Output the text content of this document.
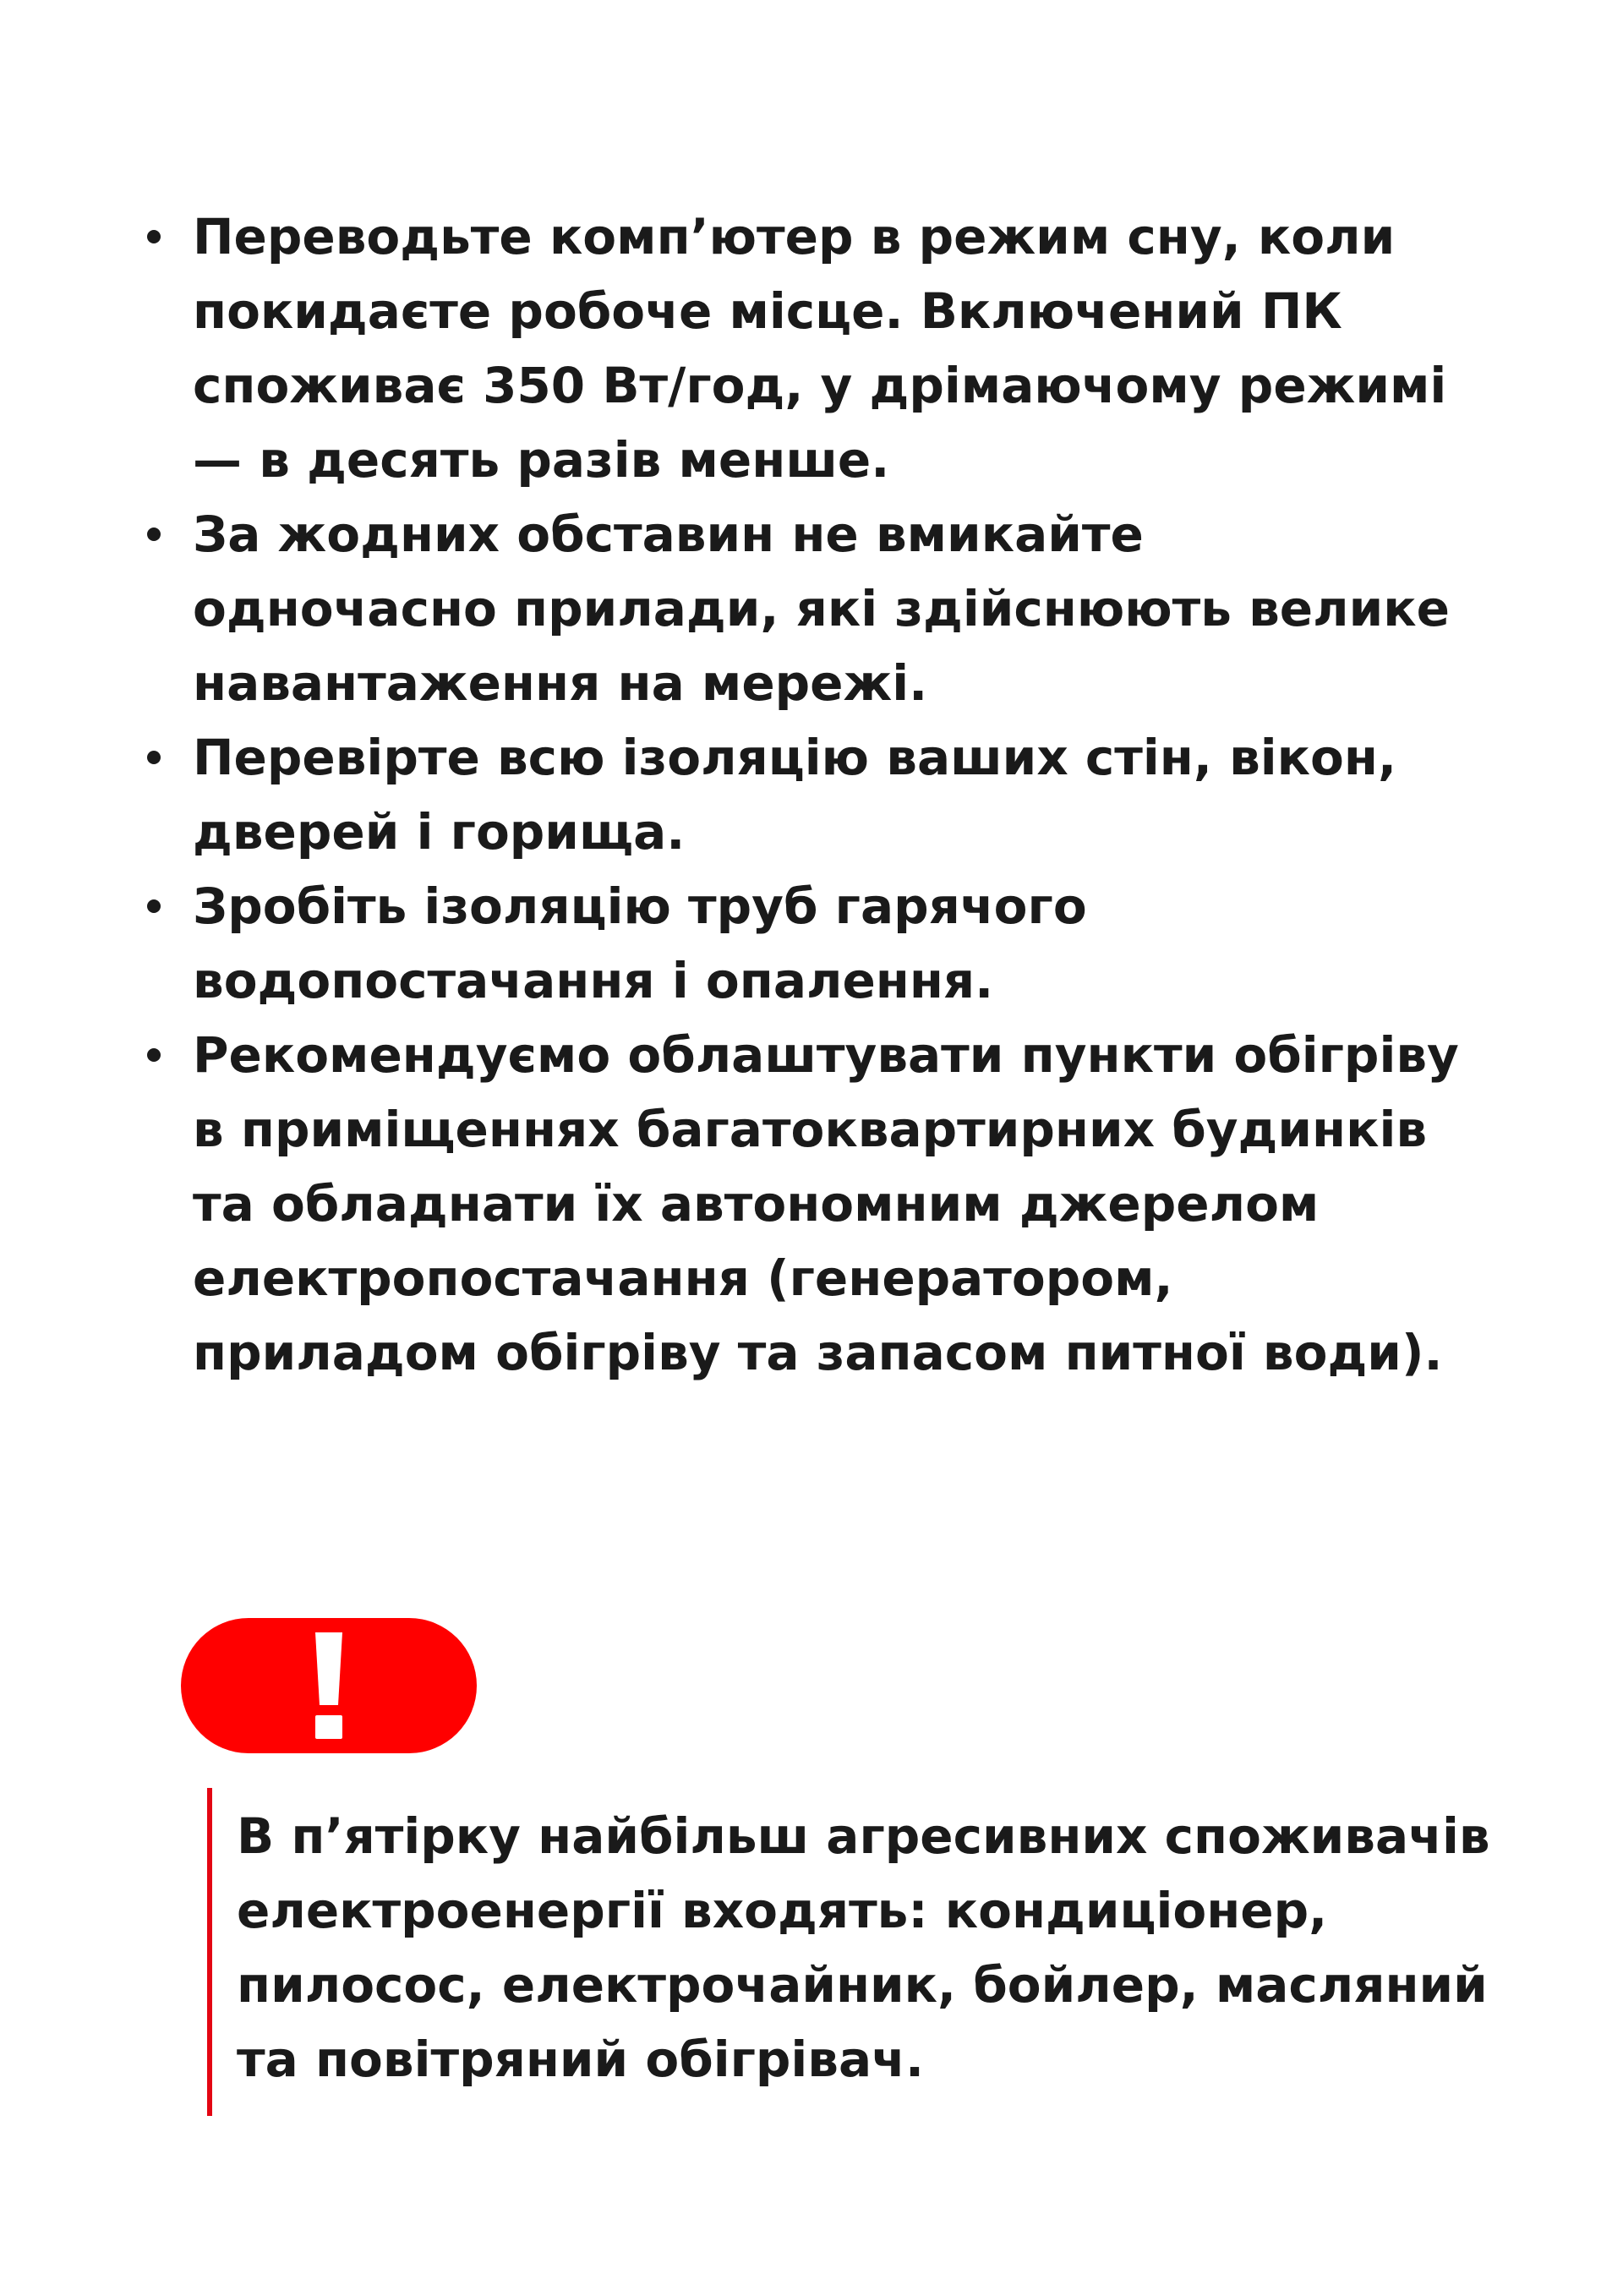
Переводьте комп’ютер в режим сну, коли покидаєте робоче місце. Включений ПК споживає 350 Вт/год, у дрімаючому режимі — в десять разів менше.
За жодних обставин не вмикайте одночасно прилади, які здійснюють велике навантаження на мережі.
Перевірте всю ізоляцію ваших стін, вікон, дверей і горища.
Зробіть ізоляцію труб гарячого водопостачання і опалення.
Рекомендуємо облаштувати пункти обігріву в приміщеннях багатоквартирних будинків та обладнати їх автономним джерелом електропостачання (генератором, приладом обігріву та запасом питної води).

В п’ятірку найбільш агресивних споживачів електроенергії входять: кондиціонер, пилосос, електрочайник, бойлер, масляний та повітряний обігрівач.
